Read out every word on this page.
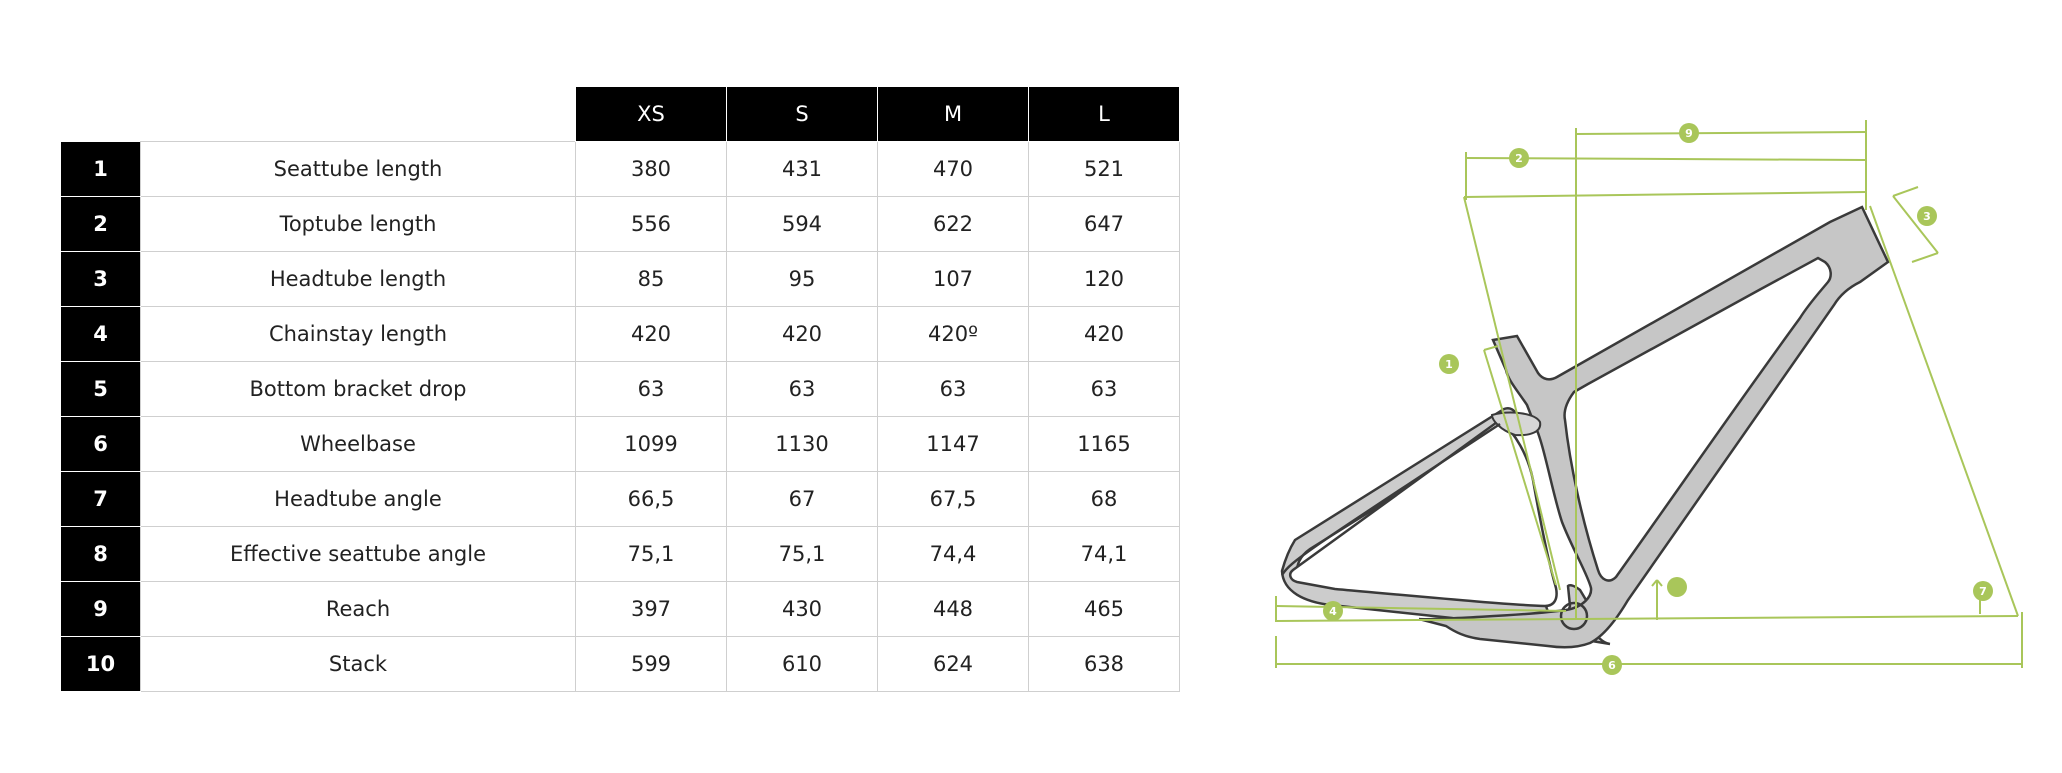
		XS	S	M	L
1	Seattube length	380	431	470	521
2	Toptube length	556	594	622	647
3	Headtube length	85	95	107	120
4	Chainstay length	420	420	420º	420
5	Bottom bracket drop	63	63	63	63
6	Wheelbase	1099	1130	1147	1165
7	Headtube angle	66,5	67	67,5	68
8	Effective seattube angle	75,1	75,1	74,4	74,1
9	Reach	397	430	448	465
10	Stack	599	610	624	638
9
2
3
1
7
4
6
